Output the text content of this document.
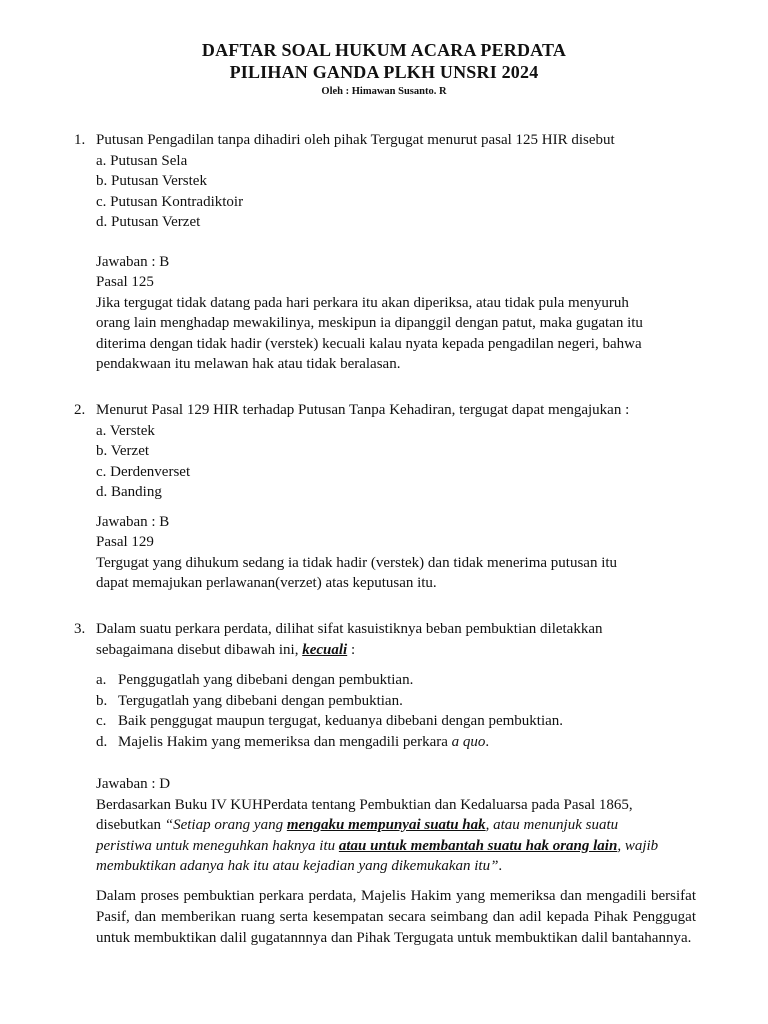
DAFTAR SOAL HUKUM ACARA PERDATA
PILIHAN GANDA PLKH UNSRI 2024
Oleh : Himawan Susanto. R
1. Putusan Pengadilan tanpa dihadiri oleh pihak Tergugat menurut pasal 125 HIR disebut
a. Putusan Sela
b. Putusan Verstek
c. Putusan Kontradiktoir
d. Putusan Verzet
Jawaban : B
Pasal 125
Jika tergugat tidak datang pada hari perkara itu akan diperiksa, atau tidak pula menyuruh
orang lain menghadap mewakilinya, meskipun ia dipanggil dengan patut, maka gugatan itu
diterima dengan tidak hadir (verstek) kecuali kalau nyata kepada pengadilan negeri, bahwa
pendakwaan itu melawan hak atau tidak beralasan.
2. Menurut Pasal 129 HIR terhadap Putusan Tanpa Kehadiran, tergugat dapat mengajukan :
a. Verstek
b. Verzet
c. Derdenverset
d. Banding
Jawaban : B
Pasal 129
Tergugat yang dihukum sedang ia tidak hadir (verstek) dan tidak menerima putusan itu
dapat memajukan perlawanan(verzet) atas keputusan itu.
3. Dalam suatu perkara perdata, dilihat sifat kasuistiknya beban pembuktian diletakkan
sebagaimana disebut dibawah ini, kecuali :
a. Penggugatlah yang dibebani dengan pembuktian.
b. Tergugatlah yang dibebani dengan pembuktian.
c. Baik penggugat maupun tergugat, keduanya dibebani dengan pembuktian.
d. Majelis Hakim yang memeriksa dan mengadili perkara a quo.
Jawaban : D
Berdasarkan Buku IV KUHPerdata tentang Pembuktian dan Kedaluarsa pada Pasal 1865,
disebutkan “Setiap orang yang mengaku mempunyai suatu hak, atau menunjuk suatu
peristiwa untuk meneguhkan haknya itu atau untuk membantah suatu hak orang lain, wajib
membuktikan adanya hak itu atau kejadian yang dikemukakan itu”.
Dalam proses pembuktian perkara perdata, Majelis Hakim yang memeriksa dan mengadili bersifat Pasif, dan memberikan ruang serta kesempatan secara seimbang dan adil kepada Pihak Penggugat untuk membuktikan dalil gugatannnya dan Pihak Tergugata untuk membuktikan dalil bantahannya.
